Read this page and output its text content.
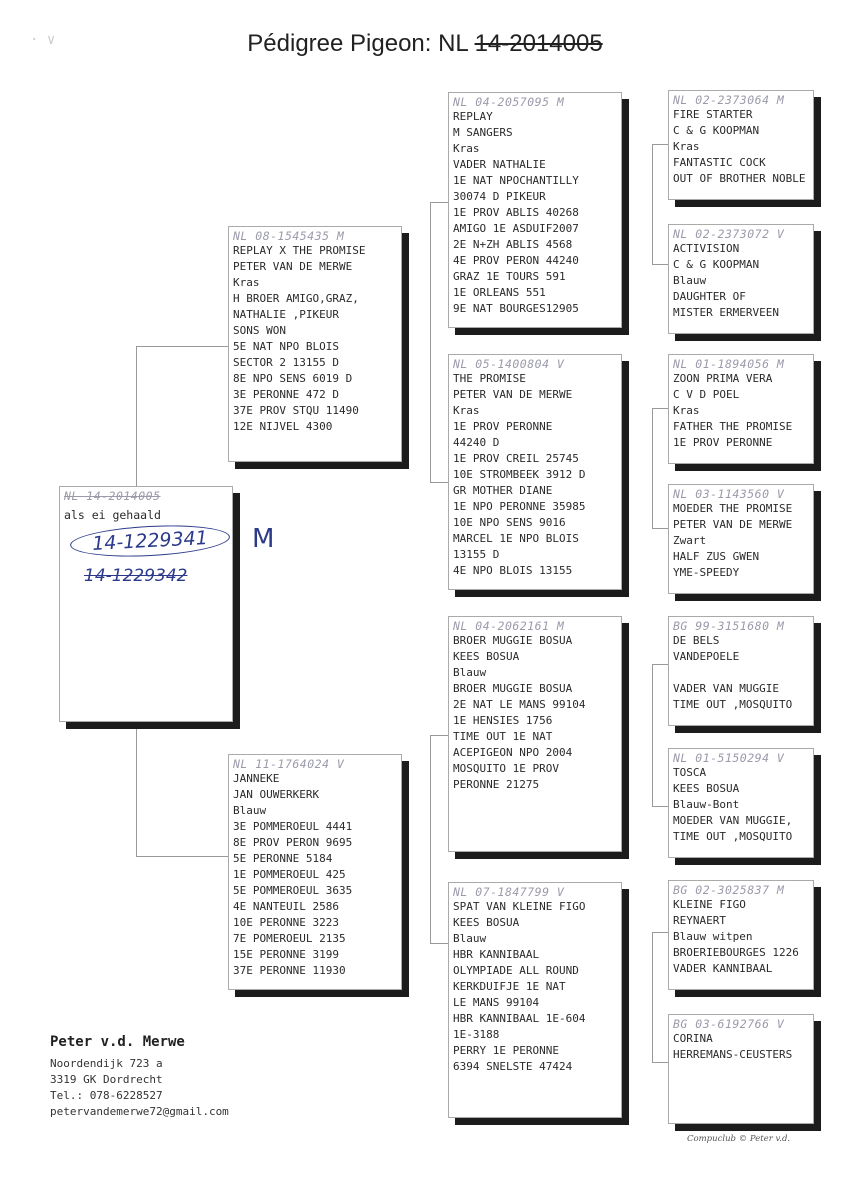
Pédigree Pigeon: NL 14-2014005
· ∨
NL 14-2014005
als ei gehaald
14-1229341	M
14-1229342
NL 08-1545435 M
REPLAY X THE PROMISE
PETER VAN DE MERWE
Kras
H BROER AMIGO,GRAZ,
NATHALIE ,PIKEUR
SONS WON
5E NAT NPO BLOIS
SECTOR 2 13155 D
8E NPO SENS 6019 D
3E PERONNE 472 D
37E PROV STQU 11490
12E NIJVEL 4300
NL 11-1764024 V
JANNEKE
JAN OUWERKERK
Blauw
3E POMMEROEUL 4441
8E PROV PERON 9695
5E PERONNE 5184
1E POMMEROEUL 425
5E POMMEROEUL 3635
4E NANTEUIL 2586
10E PERONNE 3223
7E POMEROEUL 2135
15E PERONNE 3199
37E PERONNE 11930
NL 04-2057095 M
REPLAY
M SANGERS
Kras
VADER NATHALIE
1E NAT NPOCHANTILLY
30074 D PIKEUR
1E PROV ABLIS 40268
AMIGO 1E ASDUIF2007
2E N+ZH ABLIS 4568
4E PROV PERON 44240
GRAZ 1E TOURS 591
1E ORLEANS 551
9E NAT BOURGES12905
NL 05-1400804 V
THE PROMISE
PETER VAN DE MERWE
Kras
1E PROV PERONNE
44240 D
1E PROV CREIL 25745
10E STROMBEEK 3912 D
GR MOTHER DIANE
1E NPO PERONNE 35985
10E NPO SENS 9016
MARCEL 1E NPO BLOIS
13155 D
4E NPO BLOIS 13155
NL 04-2062161 M
BROER MUGGIE BOSUA
KEES BOSUA
Blauw
BROER MUGGIE BOSUA
2E NAT LE MANS 99104
1E HENSIES 1756
TIME OUT 1E NAT
ACEPIGEON NPO 2004
MOSQUITO 1E PROV
PERONNE 21275
NL 07-1847799 V
SPAT VAN KLEINE FIGO
KEES BOSUA
Blauw
HBR KANNIBAAL
OLYMPIADE ALL ROUND
KERKDUIFJE 1E NAT
LE MANS 99104
HBR KANNIBAAL 1E-604
1E-3188
PERRY 1E PERONNE
6394 SNELSTE 47424
NL 02-2373064 M
FIRE STARTER
C & G KOOPMAN
Kras
FANTASTIC COCK
OUT OF BROTHER NOBLE
NL 02-2373072 V
ACTIVISION
C & G KOOPMAN
Blauw
DAUGHTER OF
MISTER ERMERVEEN
NL 01-1894056 M
ZOON PRIMA VERA
C V D POEL
Kras
FATHER THE PROMISE
1E PROV PERONNE
NL 03-1143560 V
MOEDER THE PROMISE
PETER VAN DE MERWE
Zwart
HALF ZUS GWEN
YME-SPEEDY
BG 99-3151680 M
DE BELS
VANDEPOELE

VADER VAN MUGGIE
TIME OUT ,MOSQUITO
NL 01-5150294 V
TOSCA
KEES BOSUA
Blauw-Bont
MOEDER VAN MUGGIE,
TIME OUT ,MOSQUITO
BG 02-3025837 M
KLEINE FIGO
REYNAERT
Blauw witpen
BROERIEBOURGES 1226
VADER KANNIBAAL
BG 03-6192766 V
CORINA
HERREMANS-CEUSTERS
Peter v.d. Merwe
Noordendijk 723 a
3319 GK Dordrecht
Tel.: 078-6228527
petervandemerwe72@gmail.com
Compuclub © Peter v.d.
